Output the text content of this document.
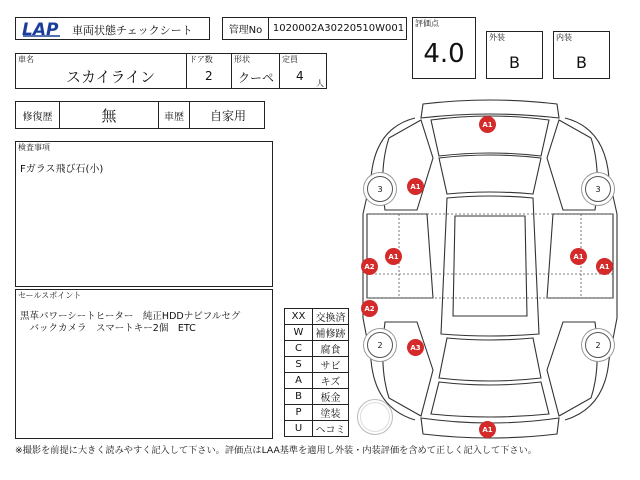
LAP 車両状態チェックシート	管理No	1020002A30220510W001
車名
スカイライン
ドア数
2
形状
クーペ
定員
4
人
修復歴	無	車歴	自家用
評価点
4.0
外装
B
内装
B
検査事項
Fガラス飛び石(小)
セールスポイント
黒革パワーシートヒーター　純正HDDナビフルセグ
　バックカメラ　スマートキー2個　ETC
XX	交換済
W	補修跡
C	腐食
S	サビ
A	キズ
B	板金
P	塗装
U	ヘコミ
3	3
2	2
A1
A1
A1	A1
A2	A1
A2
A3
A1
※撮影を前提に大きく読みやすく記入して下さい。評価点はLAA基準を適用し外装・内装評価を含めて正しく記入して下さい。
